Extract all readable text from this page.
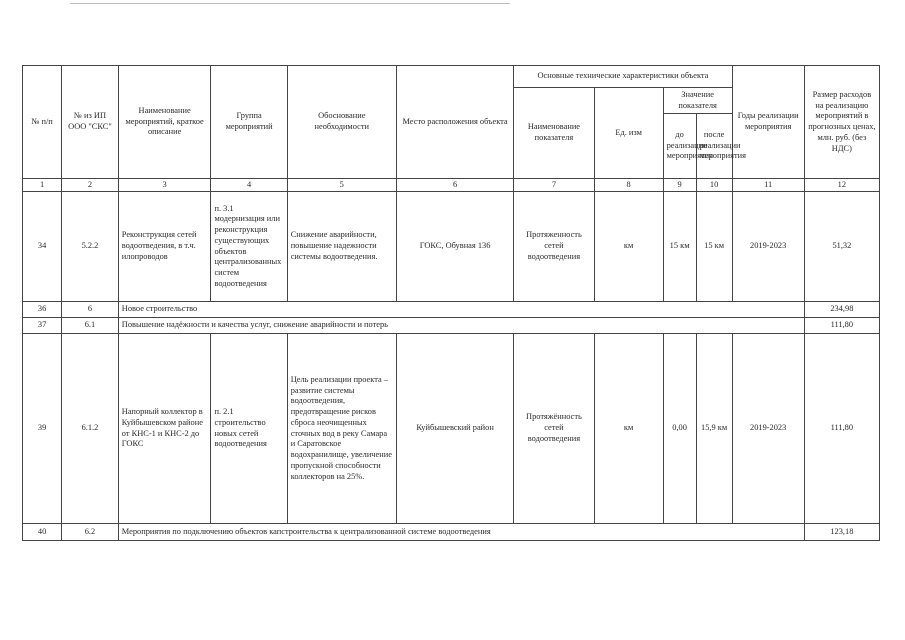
№ п/п	№ из ИП ООО "СКС"	Наименование мероприятий, краткое описание	Группа мероприятий	Обоснование необходимости	Место расположения объекта	Основные технические характеристики объекта				Годы реализации мероприятия	Размер расходов на реализацию мероприятий в прогнозных ценах, млн. руб. (без НДС)
						Наименование показателя	Ед. изм	Значение показателя			
								до реализации мероприятия	после реализации мероприятия		
1	2	3	4	5	6	7	8	9	10	11	12
34	5.2.2	Реконструкция сетей водоотведения, в т.ч. илопроводов	п. 3.1 модернизация или реконструкция существующих объектов централизованных систем водоотведения	Снижение аварийности, повышение надежности системы водоотведения.	ГОКС, Обувная 136	Протяженность сетей водоотведения	км	15 км	15 км	2019-2023	51,32
36	6	Новое строительство									234,98
37	6.1	Повышение надёжности и качества услуг, снижение аварийности и потерь									111,80
39	6.1.2	Напорный коллектор в Куйбышевском районе от КНС-1 и КНС-2 до ГОКС	п. 2.1 строительство новых сетей водоотведения	Цель реализации проекта – развитие системы водоотведения, предотвращение рисков сброса неочищенных сточных вод в реку Самара и Саратовское водохранилище, увеличение пропускной способности коллекторов на 25%.	Куйбышевский район	Протяжённость сетей водоотведения	км	0,00	15,9 км	2019-2023	111,80
40	6.2	Мероприятия по подключению объектов капстроительства к централизованной системе водоотведения									123,18
